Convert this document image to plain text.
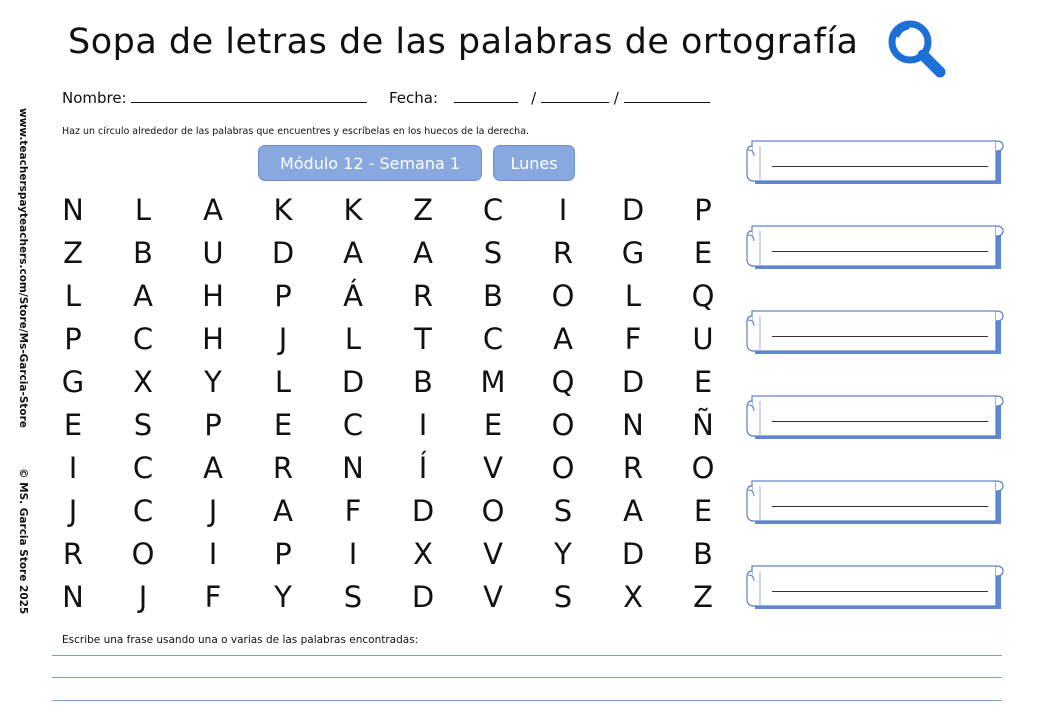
Sopa de letras de las palabras de ortografía
Nombre:	Fecha:	/	/
Haz un círculo alrededor de las palabras que encuentres y escríbelas en los huecos de la derecha.
Módulo 12 - Semana 1	Lunes
www.teacherspayteachers.com/Store/Ms-Garcia-Store
© MS. Garcia Store 2025
N	L	A	K	K	Z	C	I	D	P
Z	B	U	D	A	A	S	R	G	E
L	A	H	P	Á	R	B	O	L	Q
P	C	H	J	L	T	C	A	F	U
G	X	Y	L	D	B	M	Q	D	E
E	S	P	E	C	I	E	O	N	Ñ
I	C	A	R	N	Í	V	O	R	O
J	C	J	A	F	D	O	S	A	E
R	O	I	P	I	X	V	Y	D	B
N	J	F	Y	S	D	V	S	X	Z
Escribe una frase usando una o varias de las palabras encontradas:
